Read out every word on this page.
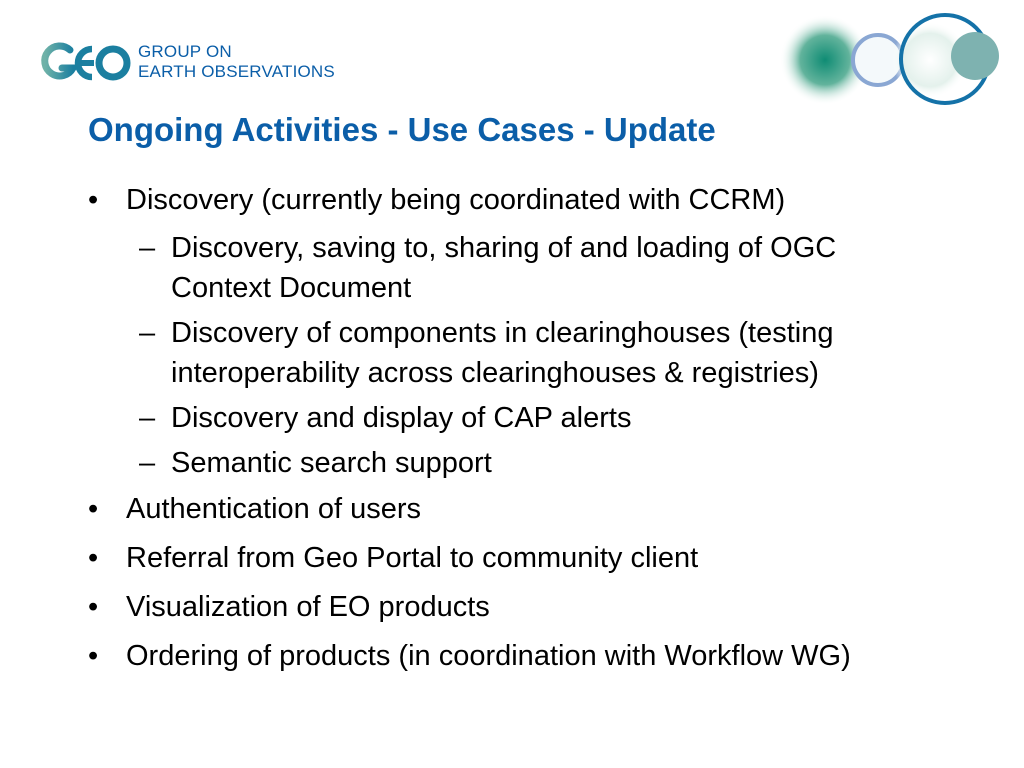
GROUP ON
EARTH OBSERVATIONS
Ongoing Activities - Use Cases - Update
• Discovery (currently being coordinated with CCRM)
– Discovery, saving to, sharing of and loading of OGC
Context Document
– Discovery of components in clearinghouses (testing
interoperability across clearinghouses & registries)
– Discovery and display of CAP alerts
– Semantic search support
• Authentication of users
• Referral from Geo Portal to community client
• Visualization of EO products
• Ordering of products (in coordination with Workflow WG)
